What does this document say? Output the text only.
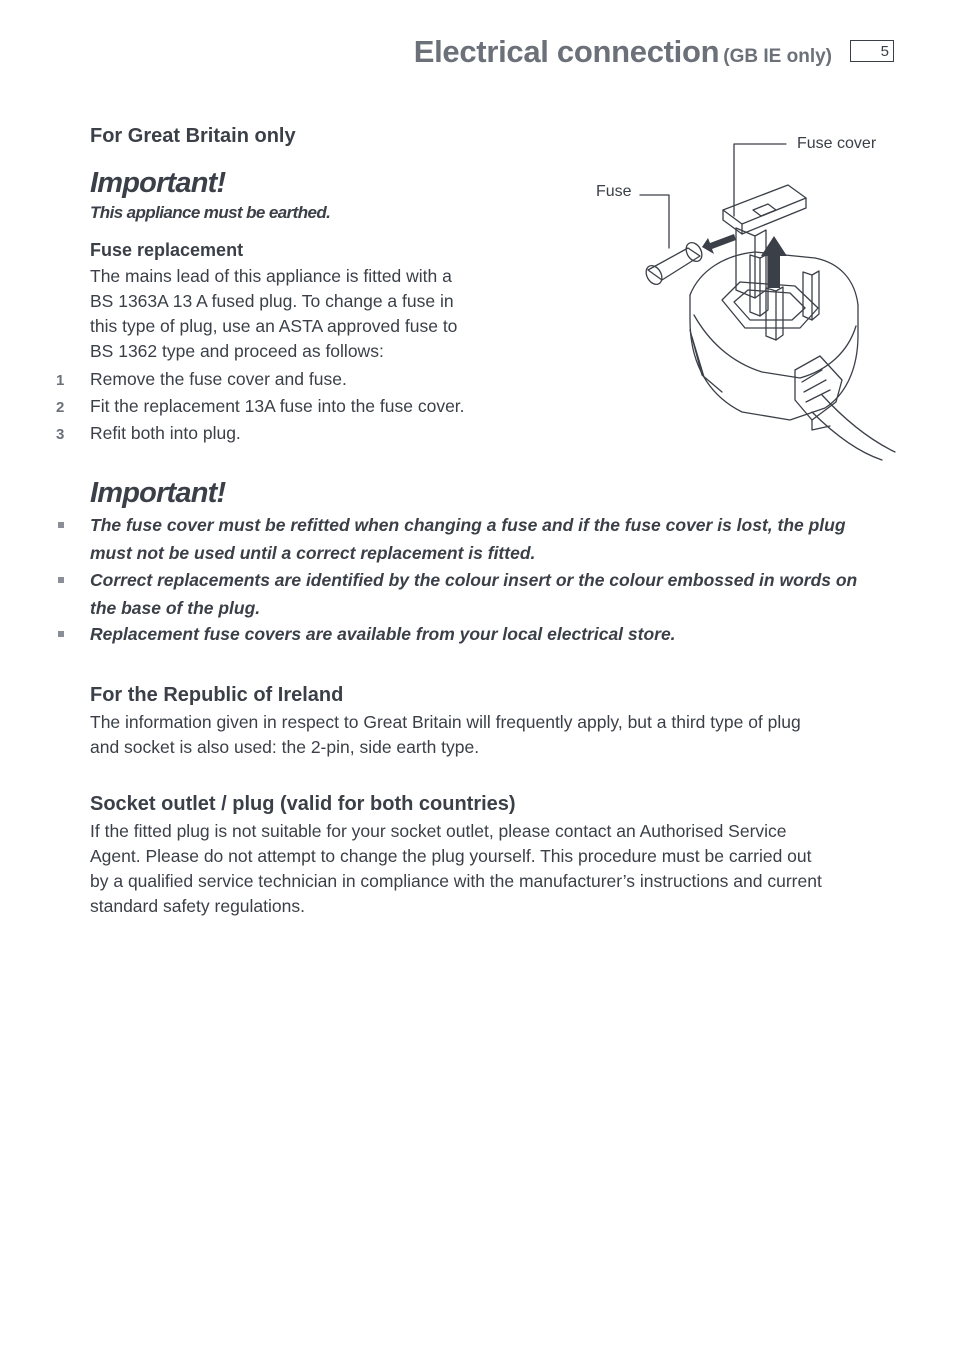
Electrical connection (GB IE only)	5
For Great Britain only
Important!
This appliance must be earthed.
Fuse replacement

The mains lead of this appliance is fitted with a
BS 1363A 13 A fused plug. To change a fuse in
this type of plug, use an ASTA approved fuse to
BS 1362 type and proceed as follows:

1 Remove the fuse cover and fuse.
2 Fit the replacement 13A fuse into the fuse cover.
3 Refit both into plug.
Fuse cover
Fuse
Important!
The fuse cover must be refitted when changing a fuse and if the fuse cover is lost, the plug
must not be used until a correct replacement is fitted.
Correct replacements are identified by the colour insert or the colour embossed in words on
the base of the plug.
Replacement fuse covers are available from your local electrical store.
For the Republic of Ireland

The information given in respect to Great Britain will frequently apply, but a third type of plug
and socket is also used: the 2-pin, side earth type.

Socket outlet / plug (valid for both countries)

If the fitted plug is not suitable for your socket outlet, please contact an Authorised Service
Agent. Please do not attempt to change the plug yourself. This procedure must be carried out
by a qualified service technician in compliance with the manufacturer’s instructions and current
standard safety regulations.
